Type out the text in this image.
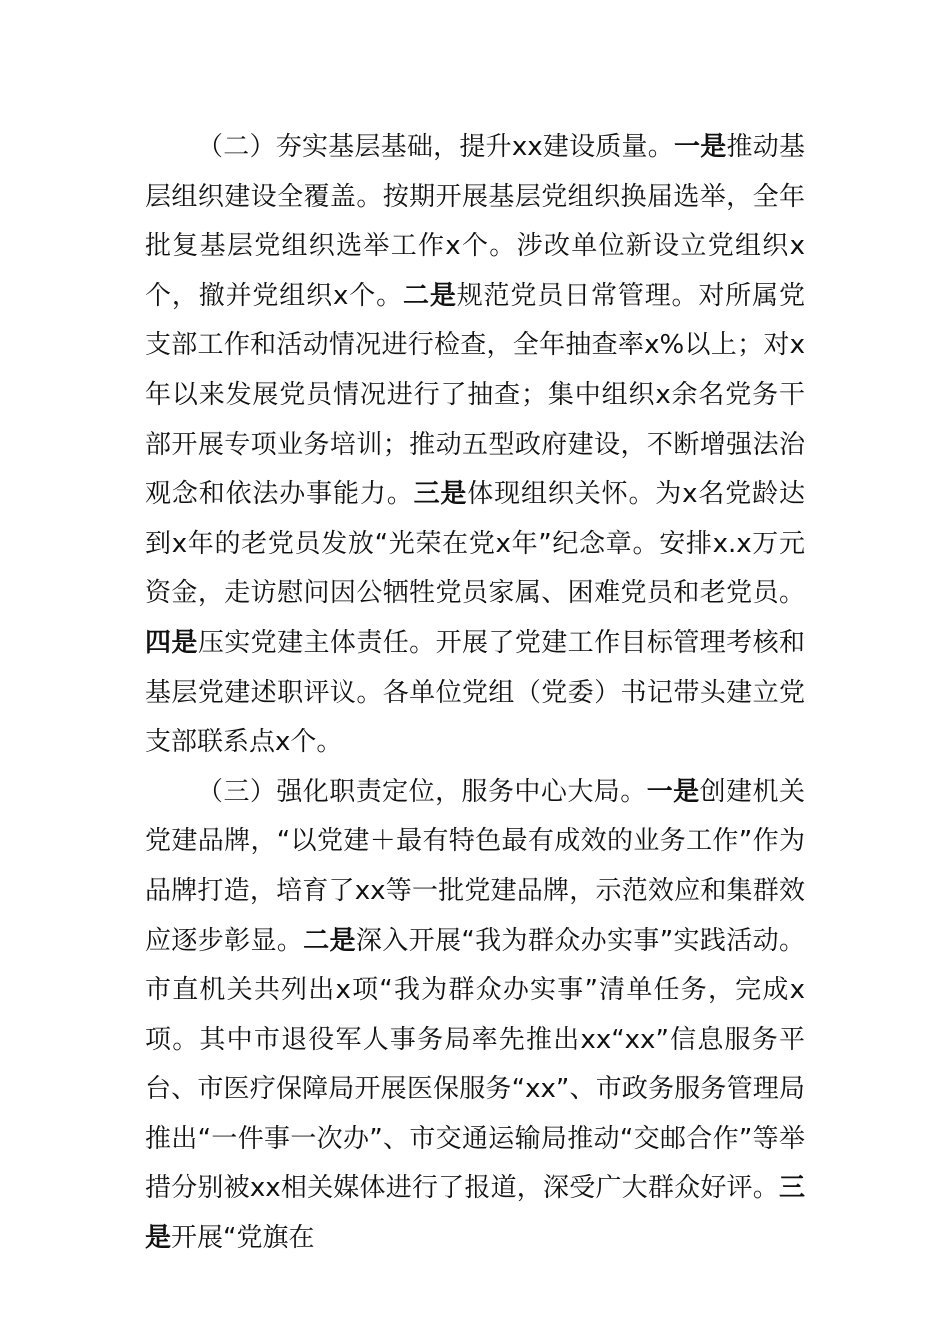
（二）夯实基层基础，提升xx建设质量。一是推动基层组织建设全覆盖。按期开展基层党组织换届选举，全年批复基层党组织选举工作x个。涉改单位新设立党组织x个，撤并党组织x个。二是规范党员日常管理。对所属党支部工作和活动情况进行检查，全年抽查率x%以上；对x年以来发展党员情况进行了抽查；集中组织x余名党务干部开展专项业务培训；推动五型政府建设，不断增强法治观念和依法办事能力。三是体现组织关怀。为x名党龄达到x年的老党员发放“光荣在党x年”纪念章。安排x.x万元资金，走访慰问因公牺牲党员家属、困难党员和老党员。四是压实党建主体责任。开展了党建工作目标管理考核和基层党建述职评议。各单位党组（党委）书记带头建立党支部联系点x个。

（三）强化职责定位，服务中心大局。一是创建机关党建品牌，“以党建＋最有特色最有成效的业务工作”作为品牌打造，培育了xx等一批党建品牌，示范效应和集群效应逐步彰显。二是深入开展“我为群众办实事”实践活动。市直机关共列出x项“我为群众办实事”清单任务，完成x项。其中市退役军人事务局率先推出xx“xx”信息服务平台、市医疗保障局开展医保服务“xx”、市政务服务管理局推出“一件事一次办”、市交通运输局推动“交邮合作”等举措分别被xx相关媒体进行了报道，深受广大群众好评。三是开展“党旗在
